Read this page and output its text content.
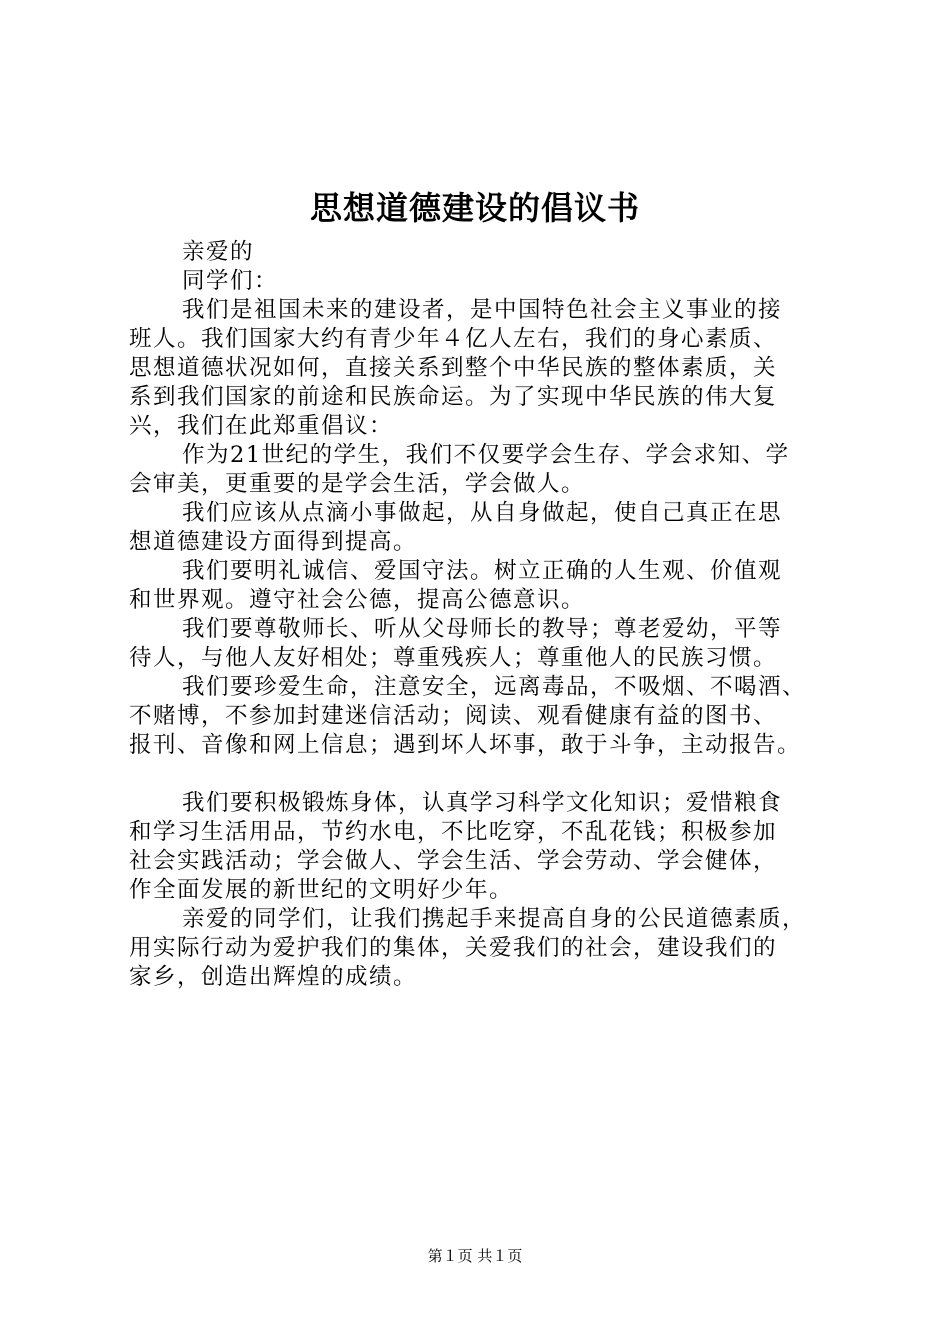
思想道德建设的倡议书
亲爱的
同学们：
我们是祖国未来的建设者，是中国特色社会主义事业的接
班人。我们国家大约有青少年４亿人左右，我们的身心素质、
思想道德状况如何，直接关系到整个中华民族的整体素质，关
系到我们国家的前途和民族命运。为了实现中华民族的伟大复
兴，我们在此郑重倡议：
作为21世纪的学生，我们不仅要学会生存、学会求知、学
会审美，更重要的是学会生活，学会做人。
我们应该从点滴小事做起，从自身做起，使自己真正在思
想道德建设方面得到提高。
我们要明礼诚信、爱国守法。树立正确的人生观、价值观
和世界观。遵守社会公德，提高公德意识。
我们要尊敬师长、听从父母师长的教导；尊老爱幼，平等
待人，与他人友好相处；尊重残疾人；尊重他人的民族习惯。
我们要珍爱生命，注意安全，远离毒品，不吸烟、不喝酒、
不赌博，不参加封建迷信活动；阅读、观看健康有益的图书、
报刊、音像和网上信息；遇到坏人坏事，敢于斗争，主动报告。
我们要积极锻炼身体，认真学习科学文化知识；爱惜粮食
和学习生活用品，节约水电，不比吃穿，不乱花钱；积极参加
社会实践活动；学会做人、学会生活、学会劳动、学会健体，
作全面发展的新世纪的文明好少年。
亲爱的同学们，让我们携起手来提高自身的公民道德素质，
用实际行动为爱护我们的集体，关爱我们的社会，建设我们的
家乡，创造出辉煌的成绩。
第１页 共１页
